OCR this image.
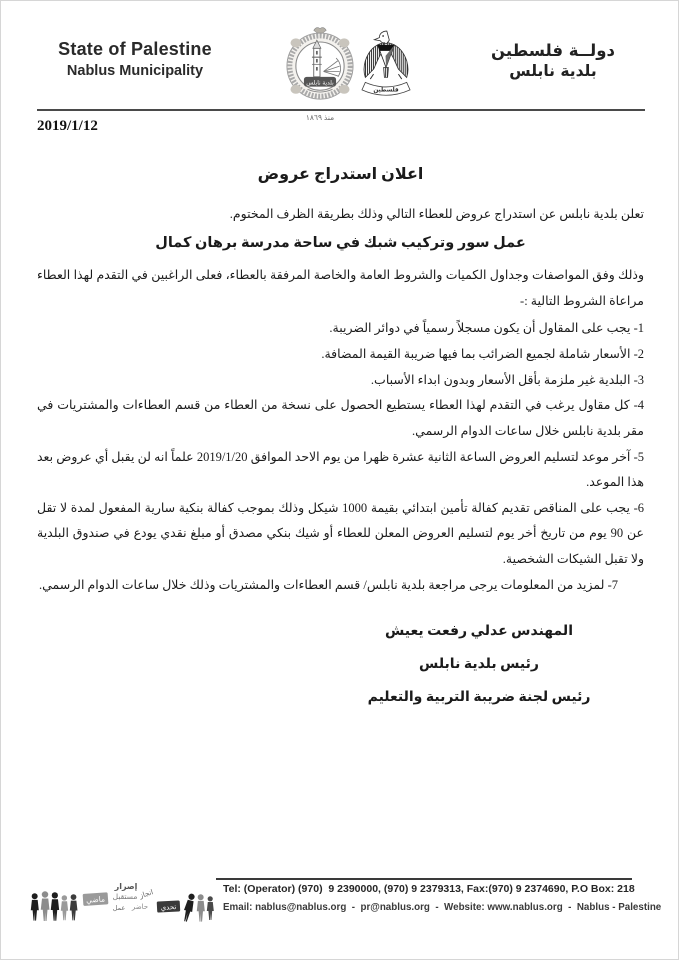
State of Palestine
Nablus Municipality
دولــة فلسطين
بلدية نابلس
بلدية نابلس
فلسطين
منذ ١٨٦٩
2019/1/12
اعلان استدراج عروض
تعلن بلدية نابلس عن استدراج عروض للعطاء التالي وذلك بطريقة الظرف المختوم.
عمل سور وتركيب شبك في ساحة مدرسة برهان كمال
وذلك وفق المواصفات وجداول الكميات والشروط العامة والخاصة المرفقة بالعطاء، فعلى الراغبين في التقدم لهذا العطاء مراعاة الشروط التالية :-
1- يجب على المقاول أن يكون مسجلاً رسمياً في دوائر الضريبة.
2- الأسعار شاملة لجميع الضرائب بما فيها ضريبة القيمة المضافة.
3- البلدية غير ملزمة بأقل الأسعار وبدون ابداء الأسباب.
4- كل مقاول يرغب في التقدم لهذا العطاء يستطيع الحصول على نسخة من العطاء من قسم العطاءات والمشتريات في مقر بلدية نابلس خلال ساعات الدوام الرسمي.
5- آخر موعد لتسليم العروض الساعة الثانية عشرة ظهرا من يوم الاحد الموافق 2019/1/20 علماً انه لن يقبل أي عروض بعد هذا الموعد.
6- يجب على المناقص تقديم كفالة تأمين ابتدائي بقيمة 1000 شيكل وذلك بموجب كفالة بنكية سارية المفعول لمدة لا تقل عن 90 يوم من تاريخ أخر يوم لتسليم العروض المعلن للعطاء أو شيك بنكي مصدق أو مبلغ نقدي يودع في صندوق البلدية ولا تقبل الشيكات الشخصية.
7- لمزيد من المعلومات يرجى مراجعة بلدية نابلس/ قسم العطاءات والمشتريات وذلك خلال ساعات الدوام الرسمي.
المهندس عدلي رفعت يعيش
رئيس بلدية نابلس
رئيس لجنة ضريبة التربية والتعليم
ماضي
إصرار
مستقبل انجاز
حاضر
عمل	تحدي
Tel: (Operator) (970)  9 2390000, (970) 9 2379313, Fax:(970) 9 2374690, P.O Box: 218
Email: nablus@nablus.org  -  pr@nablus.org  -  Website: www.nablus.org  -  Nablus - Palestine
